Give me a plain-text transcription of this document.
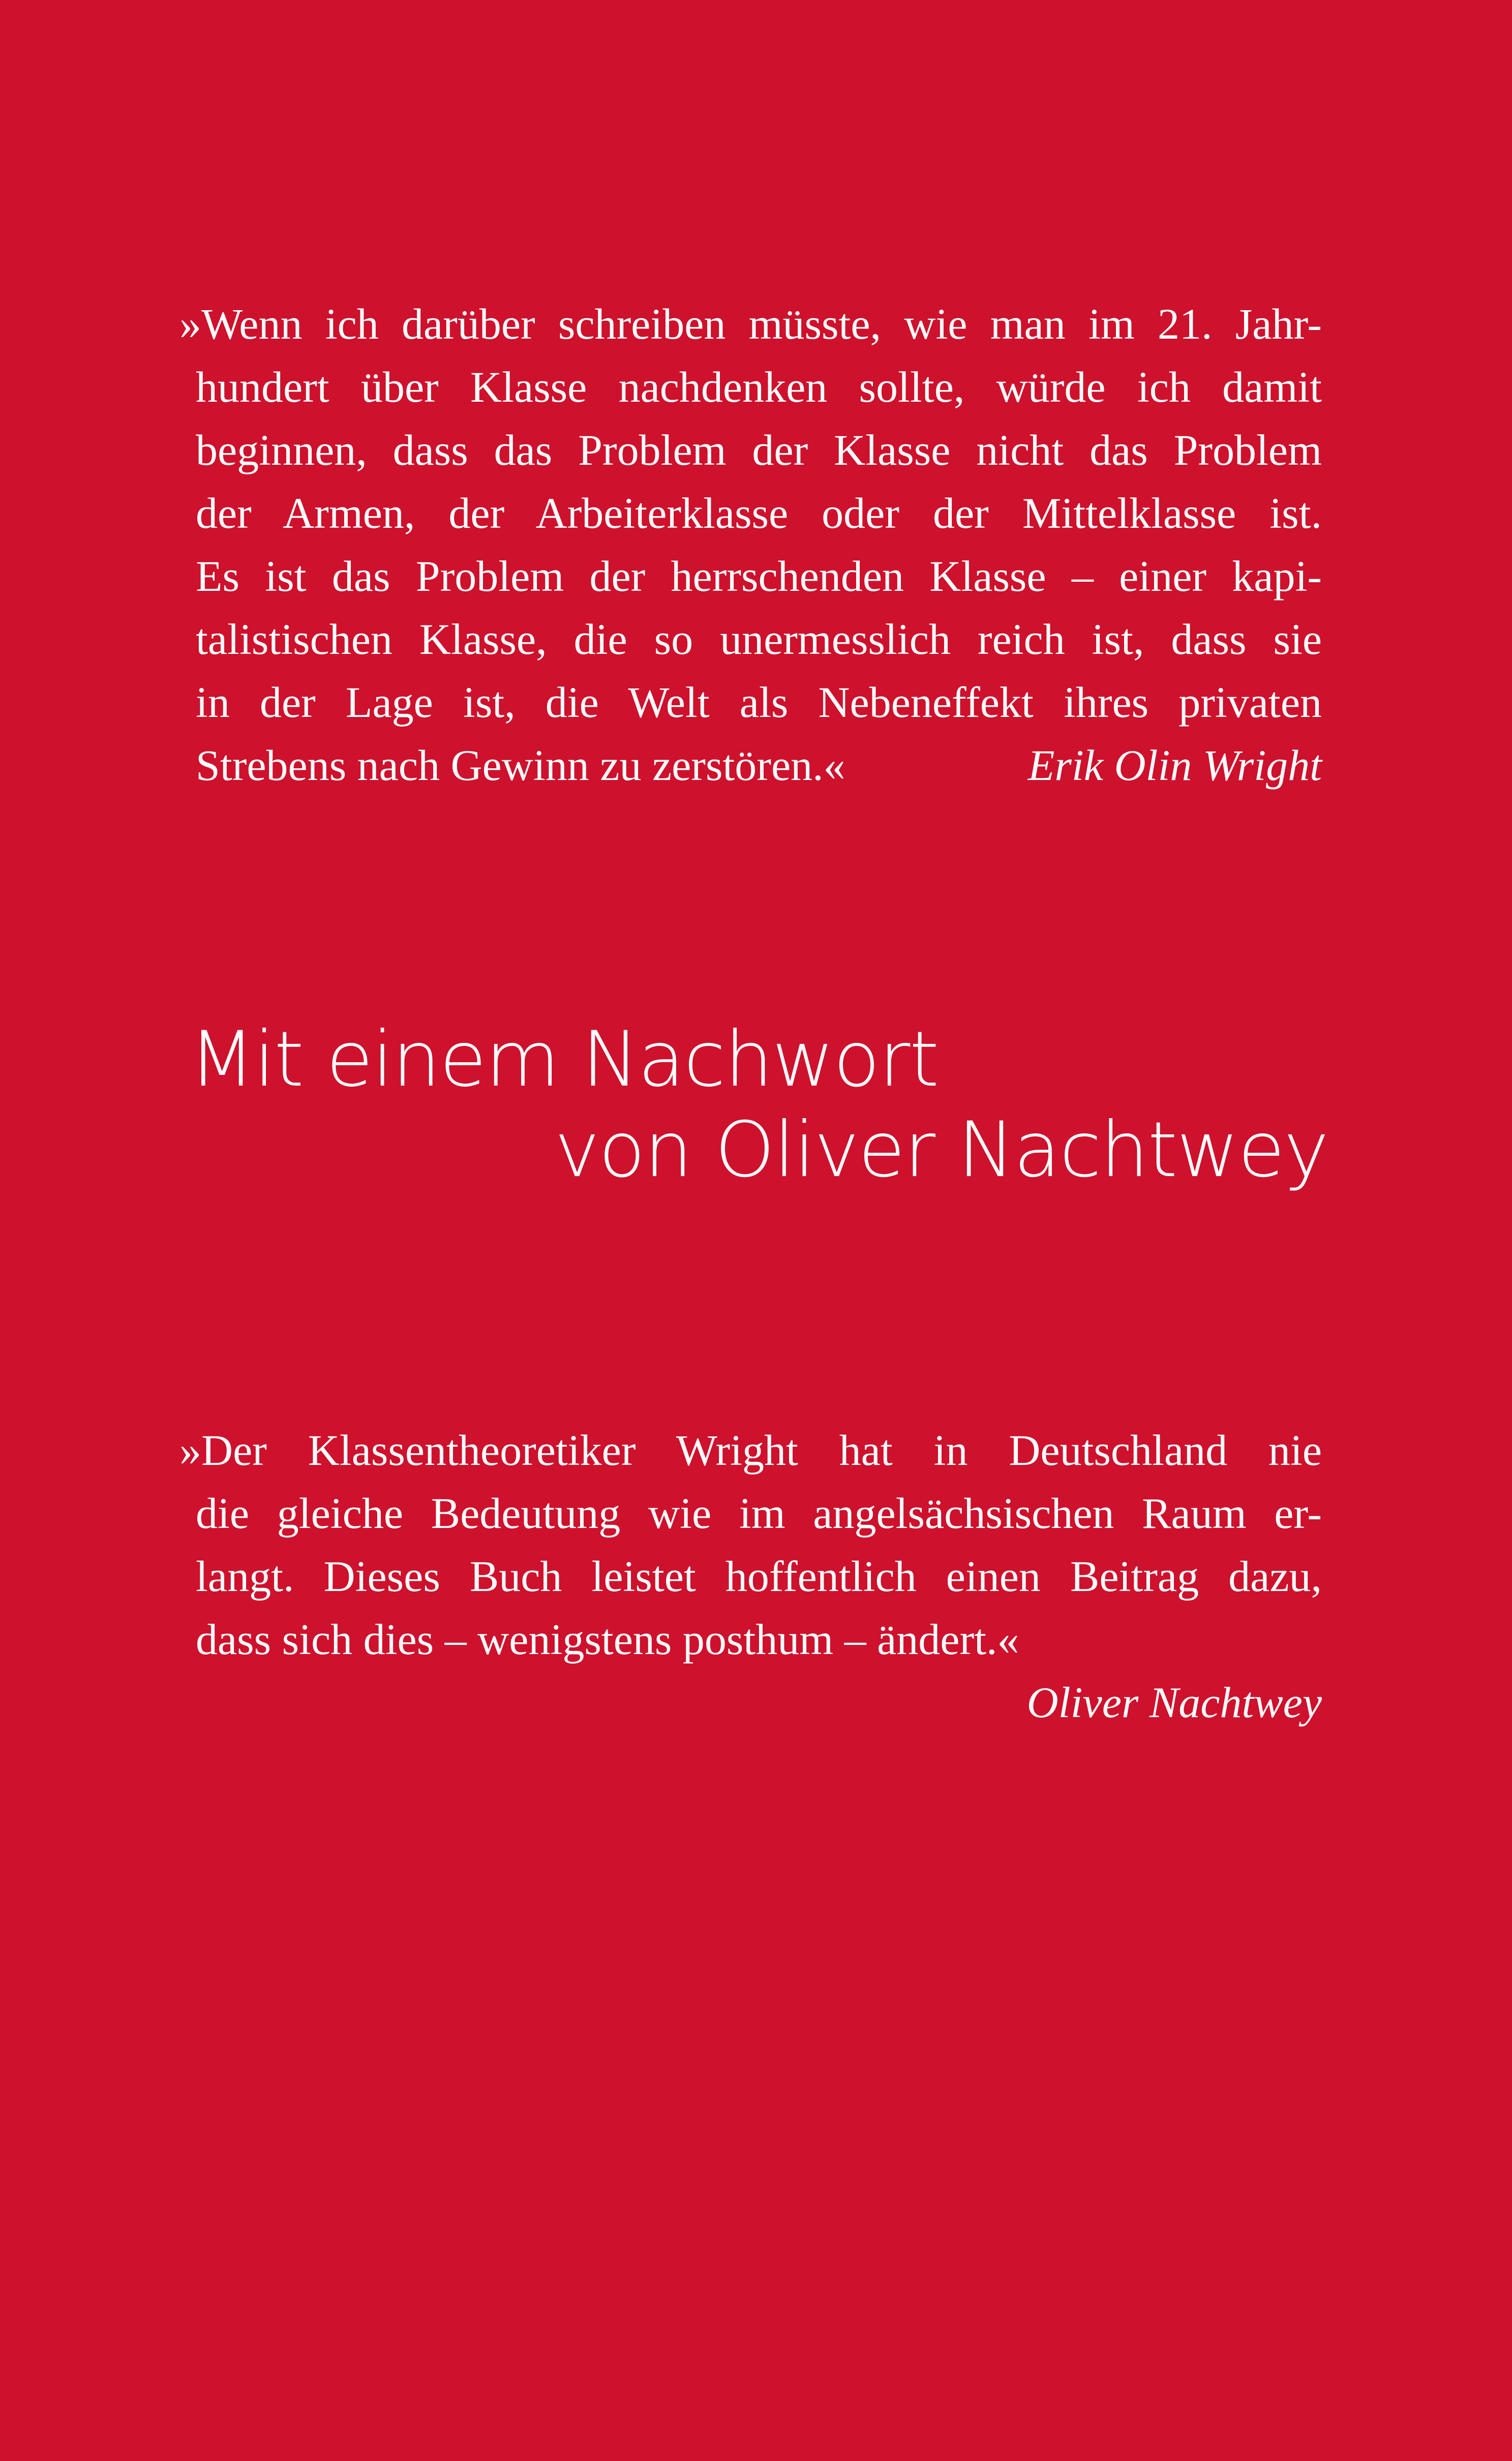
»Wenn ich darüber schreiben müsste, wie man im 21. Jahr-
hundert über Klasse nachdenken sollte, würde ich damit
beginnen, dass das Problem der Klasse nicht das Problem
der Armen, der Arbeiterklasse oder der Mittelklasse ist.
Es ist das Problem der herrschenden Klasse – einer kapi-
talistischen Klasse, die so unermesslich reich ist, dass sie
in der Lage ist, die Welt als Nebeneffekt ihres privaten
Strebens nach Gewinn zu zerstören.«	Erik Olin Wright
Mit einem Nachwort
von Oliver Nachtwey
»Der Klassentheoretiker Wright hat in Deutschland nie
die gleiche Bedeutung wie im angelsächsischen Raum er-
langt. Dieses Buch leistet hoffentlich einen Beitrag dazu,
dass sich dies – wenigstens posthum – ändert.«
Oliver Nachtwey
